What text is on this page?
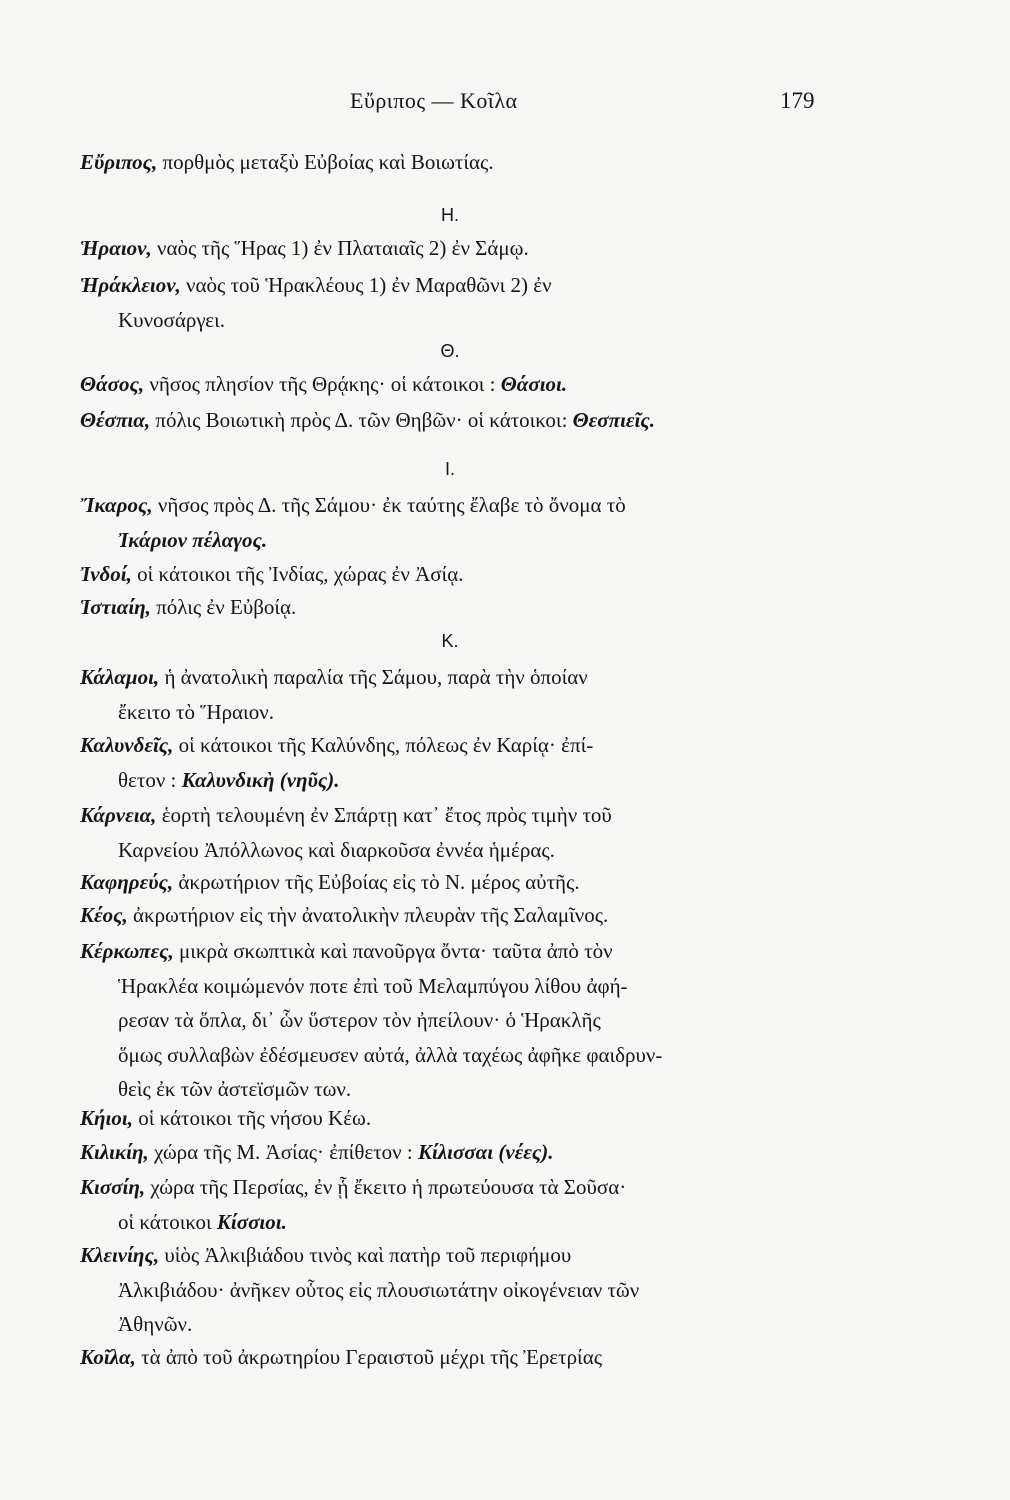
Εὔριπος — Κοῖλα	179
Εὔριπος, πορθμὸς μεταξὺ Εὐβοίας καὶ Βοιωτίας.
Η.
Ἡραιον, ναὸς τῆς Ἥρας 1) ἐν Πλαταιαῖς 2) ἐν Σάμῳ.
Ἡράκλειον, ναὸς τοῦ Ἡρακλέους 1) ἐν Μαραθῶνι 2) ἐν
Κυνοσάργει.
Θ.
Θάσος, νῆσος πλησίον τῆς Θρᾴκης· οἱ κάτοικοι : Θάσιοι.
Θέσπια, πόλις Βοιωτικὴ πρὸς Δ. τῶν Θηβῶν· οἱ κάτοικοι: Θεσπιεῖς.
Ι.
Ἴκαρος, νῆσος πρὸς Δ. τῆς Σάμου· ἐκ ταύτης ἔλαβε τὸ ὄνομα τὸ
Ἰκάριον πέλαγος.
Ἰνδοί, οἱ κάτοικοι τῆς Ἰνδίας, χώρας ἐν Ἀσίᾳ.
Ἱστιαίη, πόλις ἐν Εὐβοίᾳ.
Κ.
Κάλαμοι, ἡ ἀνατολικὴ παραλία τῆς Σάμου, παρὰ τὴν ὁποίαν
ἔκειτο τὸ Ἥραιον.
Καλυνδεῖς, οἱ κάτοικοι τῆς Καλύνδης, πόλεως ἐν Καρίᾳ· ἐπί-
θετον : Καλυνδικὴ (νηῦς).
Κάρνεια, ἑορτὴ τελουμένη ἐν Σπάρτῃ κατ᾽ ἔτος πρὸς τιμὴν τοῦ
Καρνείου Ἀπόλλωνος καὶ διαρκοῦσα ἐννέα ἡμέρας.
Καφηρεύς, ἀκρωτήριον τῆς Εὐβοίας εἰς τὸ Ν. μέρος αὐτῆς.
Κέος, ἀκρωτήριον εἰς τὴν ἀνατολικὴν πλευρὰν τῆς Σαλαμῖνος.
Κέρκωπες, μικρὰ σκωπτικὰ καὶ πανοῦργα ὄντα· ταῦτα ἀπὸ τὸν
Ἡρακλέα κοιμώμενόν ποτε ἐπὶ τοῦ Μελαμπύγου λίθου ἀφή-
ρεσαν τὰ ὅπλα, δι᾽ ὧν ὕστερον τὸν ἠπείλουν· ὁ Ἡρακλῆς
ὅμως συλλαβὼν ἐδέσμευσεν αὐτά, ἀλλὰ ταχέως ἀφῆκε φαιδρυν-
θεὶς ἐκ τῶν ἀστεϊσμῶν των.
Κήιοι, οἱ κάτοικοι τῆς νήσου Κέω.
Κιλικίη, χώρα τῆς Μ. Ἀσίας· ἐπίθετον : Κίλισσαι (νέες).
Κισσίη, χώρα τῆς Περσίας, ἐν ᾗ ἔκειτο ἡ πρωτεύουσα τὰ Σοῦσα·
οἱ κάτοικοι Κίσσιοι.
Κλεινίης, υἱὸς Ἀλκιβιάδου τινὸς καὶ πατὴρ τοῦ περιφήμου
Ἀλκιβιάδου· ἀνῆκεν οὗτος εἰς πλουσιωτάτην οἰκογένειαν τῶν
Ἀθηνῶν.
Κοῖλα, τὰ ἀπὸ τοῦ ἀκρωτηρίου Γεραιστοῦ μέχρι τῆς Ἐρετρίας
